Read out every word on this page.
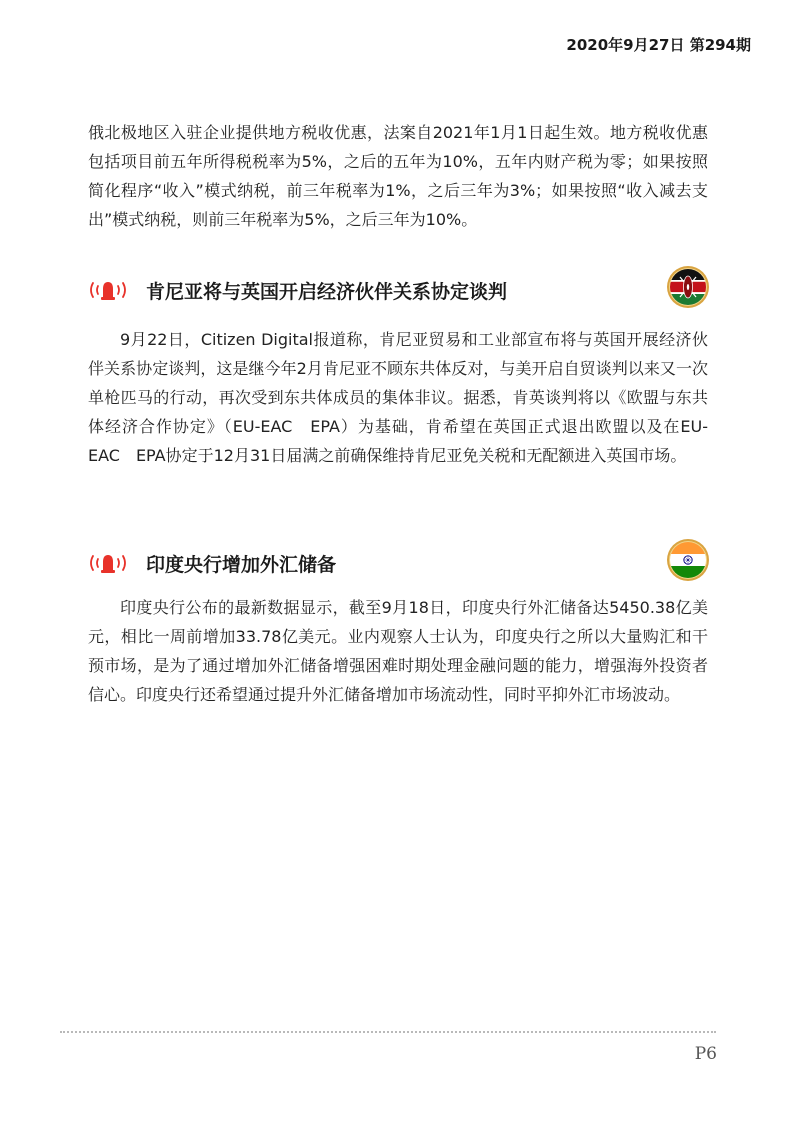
2020年9月27日 第294期

俄北极地区入驻企业提供地方税收优惠，法案自2021年1月1日起生效。地方税收优惠包括项目前五年所得税税率为5%，之后的五年为10%，五年内财产税为零；如果按照简化程序“收入”模式纳税，前三年税率为1%，之后三年为3%；如果按照“收入减去支出”模式纳税，则前三年税率为5%，之后三年为10%。

肯尼亚将与英国开启经济伙伴关系协定谈判

9月22日，Citizen Digital报道称，肯尼亚贸易和工业部宣布将与英国开展经济伙伴关系协定谈判，这是继今年2月肯尼亚不顾东共体反对，与美开启自贸谈判以来又一次单枪匹马的行动，再次受到东共体成员的集体非议。据悉，肯英谈判将以《欧盟与东共体经济合作协定》（EU-EAC　EPA）为基础，肯希望在英国正式退出欧盟以及在EU-EAC　EPA协定于12月31日届满之前确保维持肯尼亚免关税和无配额进入英国市场。

印度央行增加外汇储备

印度央行公布的最新数据显示，截至9月18日，印度央行外汇储备达5450.38亿美元，相比一周前增加33.78亿美元。业内观察人士认为，印度央行之所以大量购汇和干预市场，是为了通过增加外汇储备增强困难时期处理金融问题的能力，增强海外投资者信心。印度央行还希望通过提升外汇储备增加市场流动性，同时平抑外汇市场波动。

P6
